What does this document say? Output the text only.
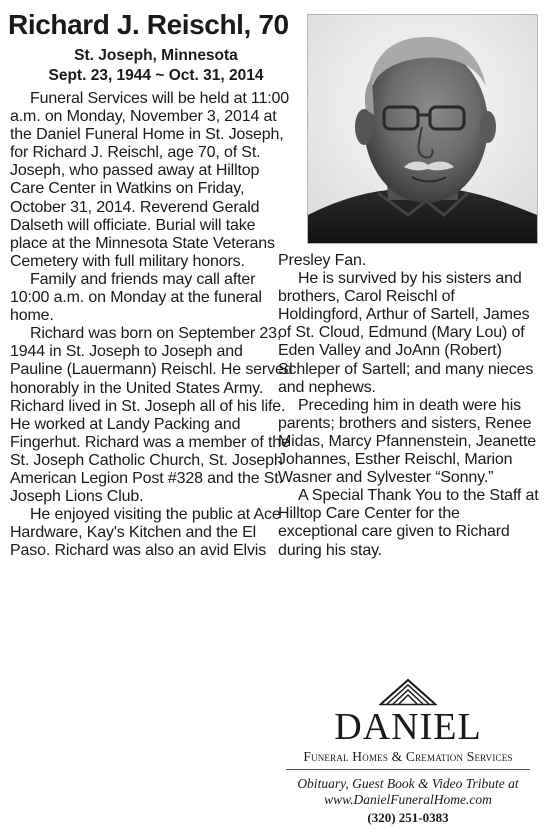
Richard J. Reischl, 70
St. Joseph, Minnesota
Sept. 23, 1944 ~ Oct. 31, 2014

Funeral Services will be held at 11:00 a.m. on Monday, November 3, 2014 at the Daniel Funeral Home in St. Joseph, for Richard J. Reischl, age 70, of St. Joseph, who passed away at Hilltop Care Center in Watkins on Friday, October 31, 2014. Reverend Gerald Dalseth will officiate. Burial will take place at the Minnesota State Veterans Cemetery with full military honors.

Family and friends may call after 10:00 a.m. on Monday at the funeral home.

Richard was born on September 23, 1944 in St. Joseph to Joseph and Pauline (Lauermann) Reischl. He served honorably in the United States Army. Richard lived in St. Joseph all of his life. He worked at Landy Packing and Fingerhut. Richard was a member of the St. Joseph Catholic Church, St. Joseph American Legion Post #328 and the St. Joseph Lions Club.

He enjoyed visiting the public at Ace Hardware, Kay's Kitchen and the El Paso. Richard was also an avid Elvis

Presley Fan.

He is survived by his sisters and brothers, Carol Reischl of Holdingford, Arthur of Sartell, James of St. Cloud, Edmund (Mary Lou) of Eden Valley and JoAnn (Robert) Schleper of Sartell; and many nieces and nephews.

Preceding him in death were his parents; brothers and sisters, Renee Midas, Marcy Pfannenstein, Jeanette Johannes, Esther Reischl, Marion Wasner and Sylvester “Sonny.”

A Special Thank You to the Staff at Hilltop Care Center for the exceptional care given to Richard during his stay.

DANIEL
Funeral Homes & Cremation Services
Obituary, Guest Book & Video Tribute at
www.DanielFuneralHome.com
(320) 251-0383
